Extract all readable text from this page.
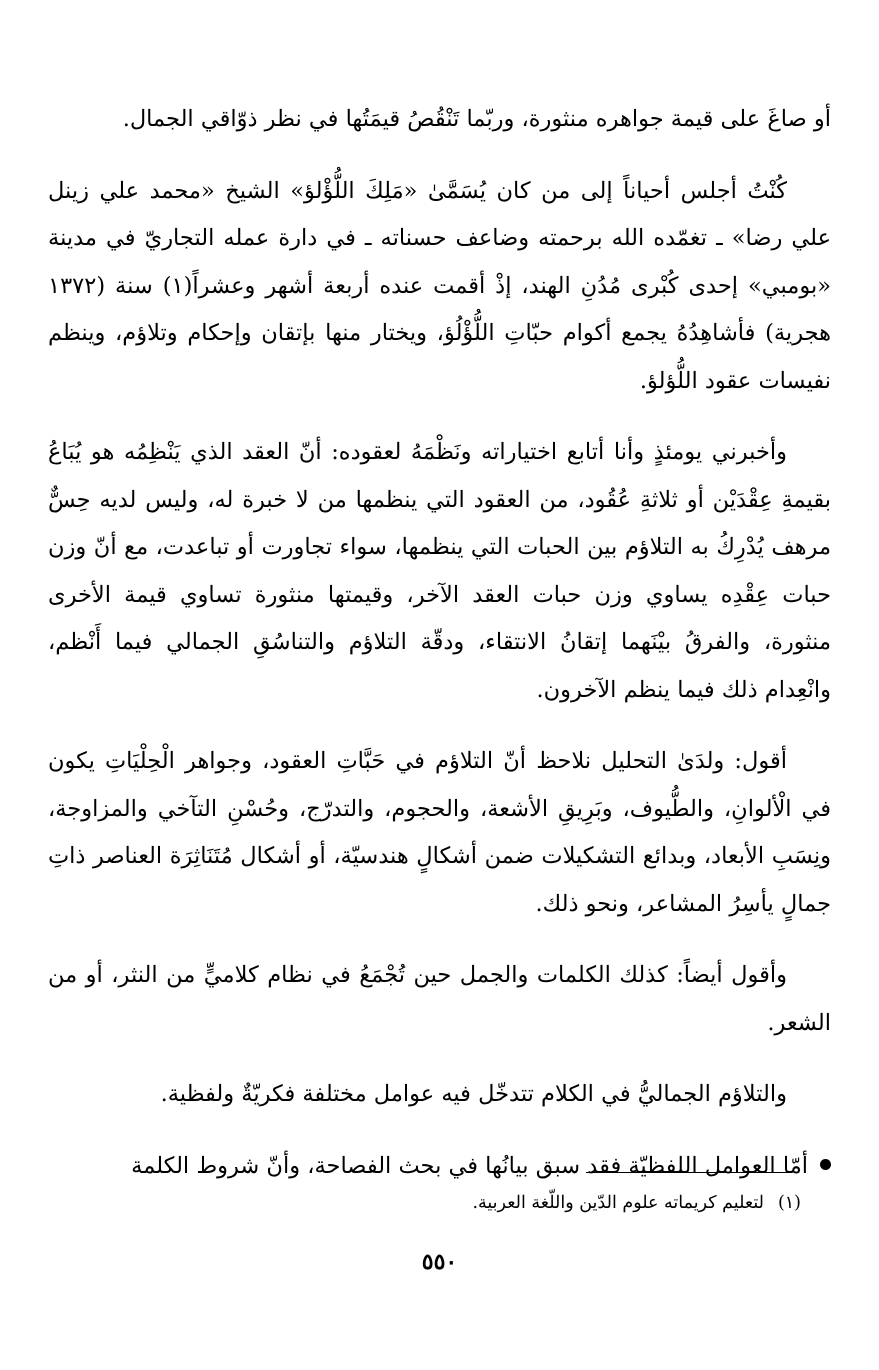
أو صاغَ على قيمة جواهره منثورة، وربّما تَنْقُصُ قيمَتُها في نظر ذوّاقي الجمال.

كُنْتُ أجلس أحياناً إلى من كان يُسَمَّىٰ «مَلِكَ اللُّؤْلؤ» الشيخ «محمد علي زينل علي رضا» ـ تغمّده الله برحمته وضاعف حسناته ـ في دارة عمله التجاريّ في مدينة «بومبي» إحدى كُبْرى مُدُنِ الهند، إذْ أقمت عنده أربعة أشهر وعشراً(١) سنة (١٣٧٢ هجرية) فأشاهِدُهُ يجمع أكوام حبّاتِ اللُّؤْلُؤ، ويختار منها بإتقان وإحكام وتلاؤم، وينظم نفيسات عقود اللُّؤلؤ.

وأخبرني يومئذٍ وأنا أتابع اختياراته ونَظْمَهُ لعقوده: أنّ العقد الذي يَنْظِمُه هو يُبَاعُ بقيمةِ عِقْدَيْن أو ثلاثةِ عُقُود، من العقود التي ينظمها من لا خبرة له، وليس لديه حِسٌّ مرهف يُدْرِكُ به التلاؤم بين الحبات التي ينظمها، سواء تجاورت أو تباعدت، مع أنّ وزن حبات عِقْدِه يساوي وزن حبات العقد الآخر، وقيمتها منثورة تساوي قيمة الأخرى منثورة، والفرقُ بيْنَهما إتقانُ الانتقاء، ودقّة التلاؤم والتناسُقِ الجمالي فيما أَنْظم، وانْعِدام ذلك فيما ينظم الآخرون.

أقول: ولدَىٰ التحليل نلاحظ أنّ التلاؤم في حَبَّاتِ العقود، وجواهر الْحِلْيَاتِ يكون في الْألوانِ، والطُّيوف، وبَرِيقِ الأشعة، والحجوم، والتدرّج، وحُسْنِ التآخي والمزاوجة، ونِسَبِ الأبعاد، وبدائع التشكيلات ضمن أشكالٍ هندسيّة، أو أشكال مُتَنَاثِرَة العناصر ذاتِ جمالٍ يأسِرُ المشاعر، ونحو ذلك.

وأقول أيضاً: كذلك الكلمات والجمل حين تُجْمَعُ في نظام كلاميٍّ من النثر، أو من الشعر.

والتلاؤم الجماليُّ في الكلام تتدخّل فيه عوامل مختلفة فكريّةٌ ولفظية.

أمّا العوامل اللفظيّة فقد سبق بيانُها في بحث الفصاحة، وأنّ شروط الكلمة

(١)لتعليم كريماته علوم الدّين واللّغة العربية.
٥٥٠
